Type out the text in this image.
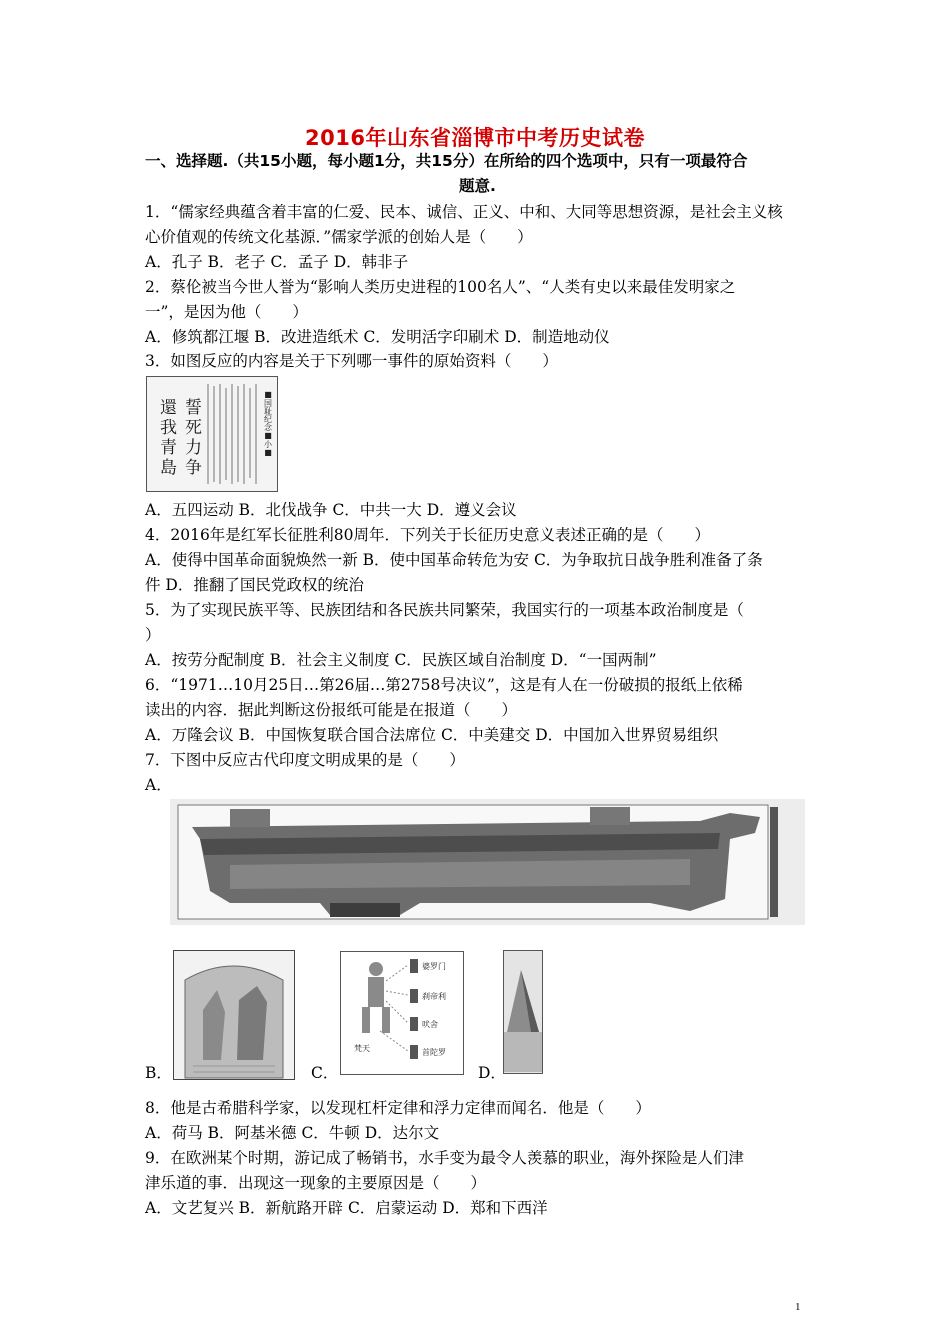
2016年山东省淄博市中考历史试卷
一、选择题.（共15小题，每小题1分，共15分）在所给的四个选项中，只有一项最符合
题意.
1．“儒家经典蕴含着丰富的仁爱、民本、诚信、正义、中和、大同等思想资源，是社会主义核
心价值观的传统文化基源．”儒家学派的创始人是（　　）
A．孔子 B．老子 C．孟子 D．韩非子
2．蔡伦被当今世人誉为“影响人类历史进程的100名人”、“人类有史以来最佳发明家之
一”，是因为他（　　）
A．修筑都江堰 B．改进造纸术 C．发明活字印刷术 D．制造地动仪
3．如图反应的内容是关于下列哪一事件的原始资料（　　）
誓死力争
還我青島	■国耻纪念■小■
A．五四运动 B．北伐战争 C．中共一大 D．遵义会议
4．2016年是红军长征胜利80周年．下列关于长征历史意义表述正确的是（　　）
A．使得中国革命面貌焕然一新 B．使中国革命转危为安 C．为争取抗日战争胜利准备了条
件 D．推翻了国民党政权的统治
5．为了实现民族平等、民族团结和各民族共同繁荣，我国实行的一项基本政治制度是（
）
A．按劳分配制度 B．社会主义制度 C．民族区域自治制度 D．“一国两制”
6．“1971…10月25日…第26届…第2758号决议”，这是有人在一份破损的报纸上依稀
读出的内容．据此判断这份报纸可能是在报道（　　）
A．万隆会议 B．中国恢复联合国合法席位 C．中美建交 D．中国加入世界贸易组织
7．下图中反应古代印度文明成果的是（　　）
A．
婆罗门
刹帝利
吠舍
首陀罗
梵天
B．	C．	D．
8．他是古希腊科学家，以发现杠杆定律和浮力定律而闻名．他是（　　）
A．荷马 B．阿基米德 C．牛顿 D．达尔文
9．在欧洲某个时期，游记成了畅销书，水手变为最令人羡慕的职业，海外探险是人们津
津乐道的事．出现这一现象的主要原因是（　　）
A．文艺复兴 B．新航路开辟 C．启蒙运动 D．郑和下西洋
1
